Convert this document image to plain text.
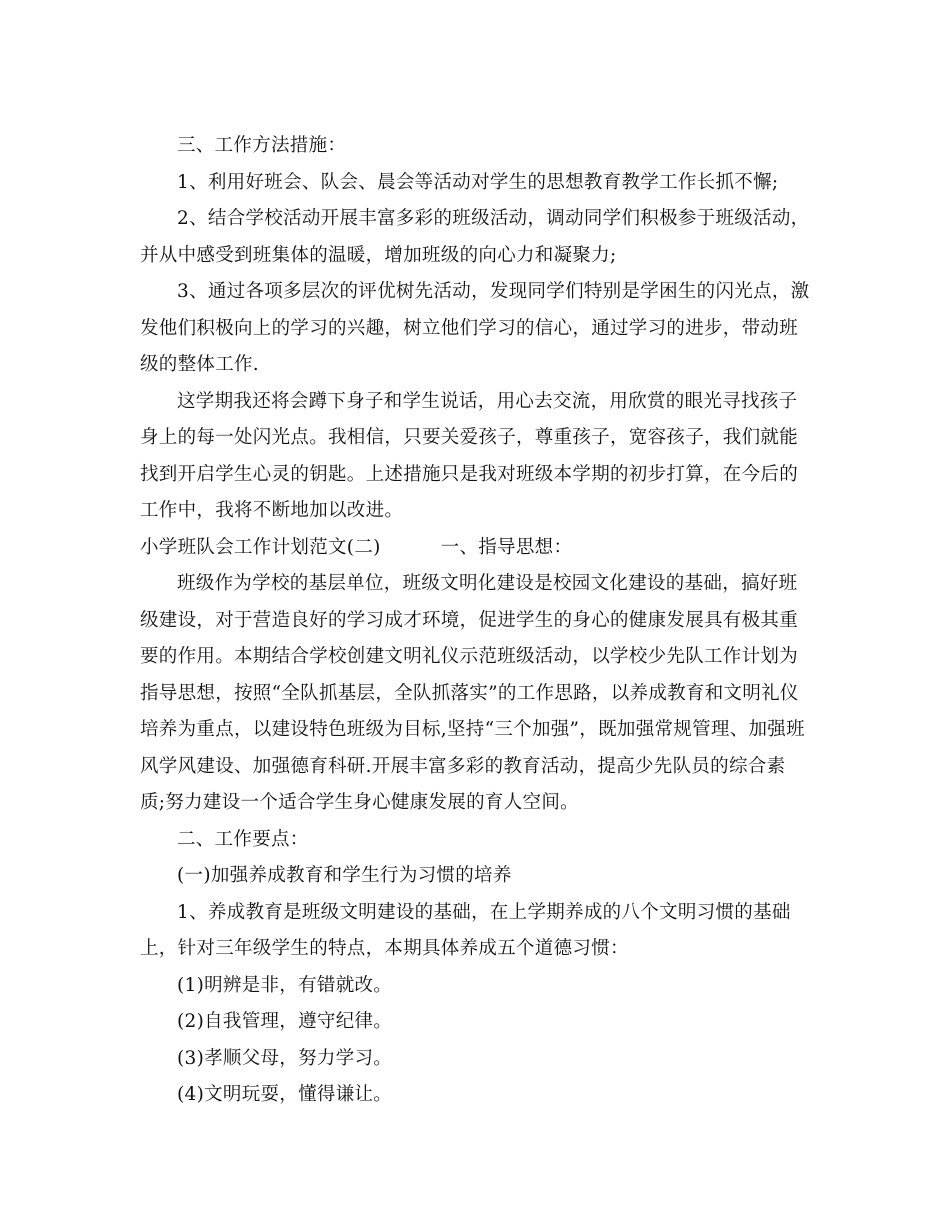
三、工作方法措施：

1、利用好班会、队会、晨会等活动对学生的思想教育教学工作长抓不懈;

2、结合学校活动开展丰富多彩的班级活动，调动同学们积极参于班级活动，并从中感受到班集体的温暖，增加班级的向心力和凝聚力;

3、通过各项多层次的评优树先活动，发现同学们特别是学困生的闪光点，激发他们积极向上的学习的兴趣，树立他们学习的信心，通过学习的进步，带动班级的整体工作.

这学期我还将会蹲下身子和学生说话，用心去交流，用欣赏的眼光寻找孩子身上的每一处闪光点。我相信，只要关爱孩子，尊重孩子，宽容孩子，我们就能找到开启学生心灵的钥匙。上述措施只是我对班级本学期的初步打算，在今后的工作中，我将不断地加以改进。

小学班队会工作计划范文(二)	一、指导思想：

班级作为学校的基层单位，班级文明化建设是校园文化建设的基础，搞好班级建设，对于营造良好的学习成才环境，促进学生的身心的健康发展具有极其重要的作用。本期结合学校创建文明礼仪示范班级活动，以学校少先队工作计划为指导思想，按照“全队抓基层，全队抓落实”的工作思路，以养成教育和文明礼仪培养为重点，以建设特色班级为目标,坚持“三个加强”，既加强常规管理、加强班风学风建设、加强德育科研.开展丰富多彩的教育活动，提高少先队员的综合素质;努力建设一个适合学生身心健康发展的育人空间。

二、工作要点：

(一)加强养成教育和学生行为习惯的培养

1、养成教育是班级文明建设的基础，在上学期养成的八个文明习惯的基础上，针对三年级学生的特点，本期具体养成五个道德习惯：

(1)明辨是非，有错就改。

(2)自我管理，遵守纪律。

(3)孝顺父母，努力学习。

(4)文明玩耍，懂得谦让。
